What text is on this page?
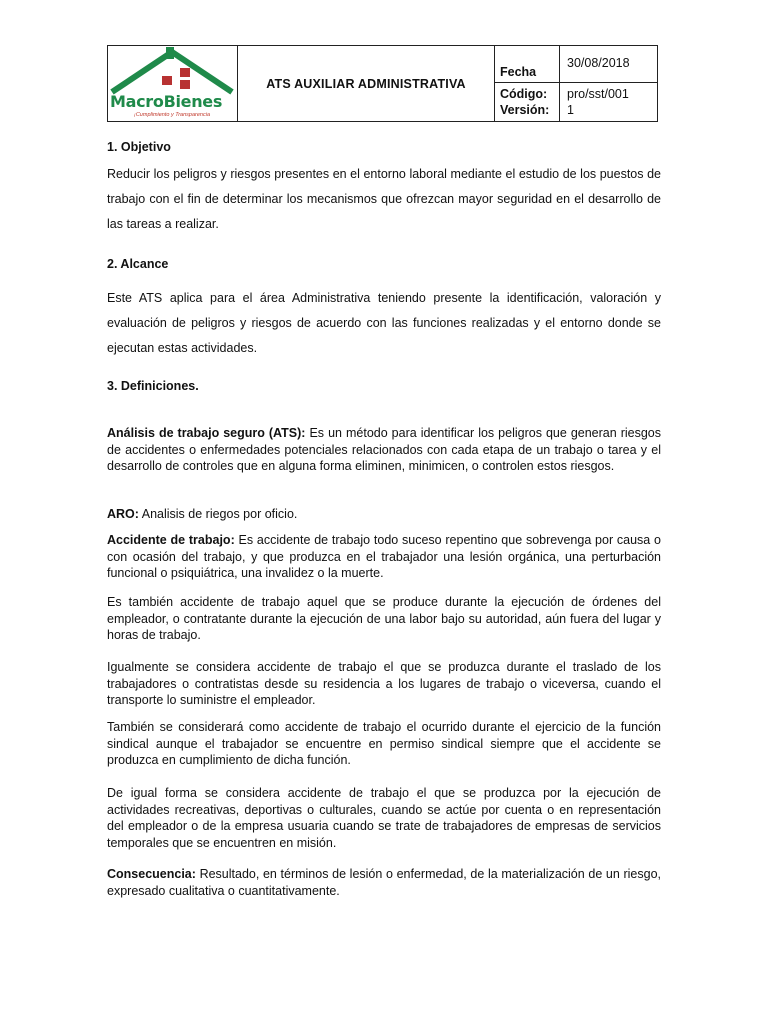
MacroBienes
¡Cumplimiento y Transparencia
ATS AUXILIAR ADMINISTRATIVA
Fecha
Código:
Versión:
30/08/2018
pro/sst/001
1
1. Objetivo
Reducir los peligros y riesgos presentes en el entorno laboral mediante el estudio de los puestos de trabajo con el fin de determinar los mecanismos que ofrezcan mayor seguridad en el desarrollo de las tareas a realizar.
2. Alcance
Este ATS aplica para el área Administrativa teniendo presente la identificación, valoración y evaluación de peligros y riesgos de acuerdo con las funciones realizadas y el entorno donde se ejecutan estas actividades.
3. Definiciones.
Análisis de trabajo seguro (ATS): Es un método para identificar los peligros que generan riesgos de accidentes o enfermedades potenciales relacionados con cada etapa de un trabajo o tarea y el desarrollo de controles que en alguna forma eliminen, minimicen, o controlen estos riesgos.
ARO: Analisis de riegos por oficio.
Accidente de trabajo: Es accidente de trabajo todo suceso repentino que sobrevenga por causa o con ocasión del trabajo, y que produzca en el trabajador una lesión orgánica, una perturbación funcional o psiquiátrica, una invalidez o la muerte.
Es también accidente de trabajo aquel que se produce durante la ejecución de órdenes del empleador, o contratante durante la ejecución de una labor bajo su autoridad, aún fuera del lugar y horas de trabajo.
Igualmente se considera accidente de trabajo el que se produzca durante el traslado de los trabajadores o contratistas desde su residencia a los lugares de trabajo o viceversa, cuando el transporte lo suministre el empleador.
También se considerará como accidente de trabajo el ocurrido durante el ejercicio de la función sindical aunque el trabajador se encuentre en permiso sindical siempre que el accidente se produzca en cumplimiento de dicha función.
De igual forma se considera accidente de trabajo el que se produzca por la ejecución de actividades recreativas, deportivas o culturales, cuando se actúe por cuenta o en representación del empleador o de la empresa usuaria cuando se trate de trabajadores de empresas de servicios temporales que se encuentren en misión.
Consecuencia: Resultado, en términos de lesión o enfermedad, de la materialización de un riesgo, expresado cualitativa o cuantitativamente.
